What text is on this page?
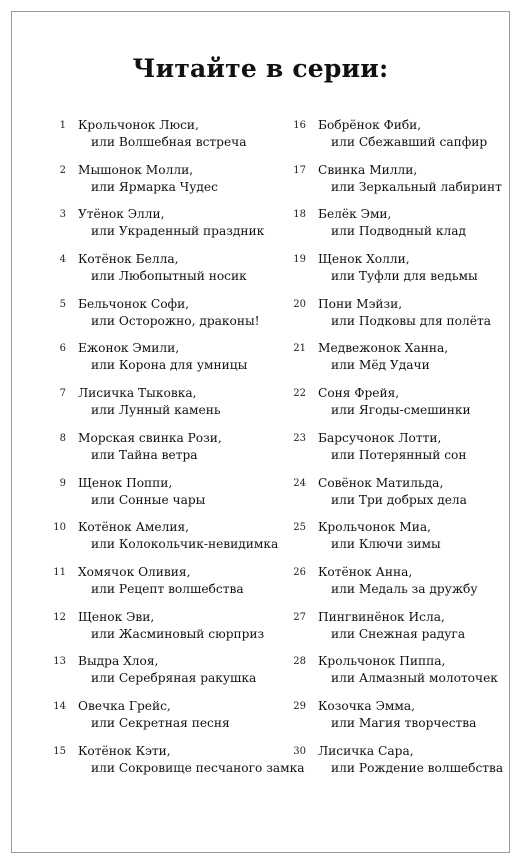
Читайте в серии:
1 Крольчонок Люси,
или Волшебная встреча
2 Мышонок Молли,
или Ярмарка Чудес
3 Утёнок Элли,
или Украденный праздник
4 Котёнок Белла,
или Любопытный носик
5 Бельчонок Софи,
или Осторожно, драконы!
6 Ежонок Эмили,
или Корона для умницы
7 Лисичка Тыковка,
или Лунный камень
8 Морская свинка Рози,
или Тайна ветра
9 Щенок Поппи,
или Сонные чары
10 Котёнок Амелия,
или Колокольчик-невидимка
11 Хомячок Оливия,
или Рецепт волшебства
12 Щенок Эви,
или Жасминовый сюрприз
13 Выдра Хлоя,
или Серебряная ракушка
14 Овечка Грейс,
или Секретная песня
15 Котёнок Кэти,
или Сокровище песчаного замка
16 Бобрёнок Фиби,
или Сбежавший сапфир
17 Свинка Милли,
или Зеркальный лабиринт
18 Белёк Эми,
или Подводный клад
19 Щенок Холли,
или Туфли для ведьмы
20 Пони Мэйзи,
или Подковы для полёта
21 Медвежонок Ханна,
или Мёд Удачи
22 Соня Фрейя,
или Ягоды-смешинки
23 Барсучонок Лотти,
или Потерянный сон
24 Совёнок Матильда,
или Три добрых дела
25 Крольчонок Миа,
или Ключи зимы
26 Котёнок Анна,
или Медаль за дружбу
27 Пингвинёнок Исла,
или Снежная радуга
28 Крольчонок Пиппа,
или Алмазный молоточек
29 Козочка Эмма,
или Магия творчества
30 Лисичка Сара,
или Рождение волшебства
